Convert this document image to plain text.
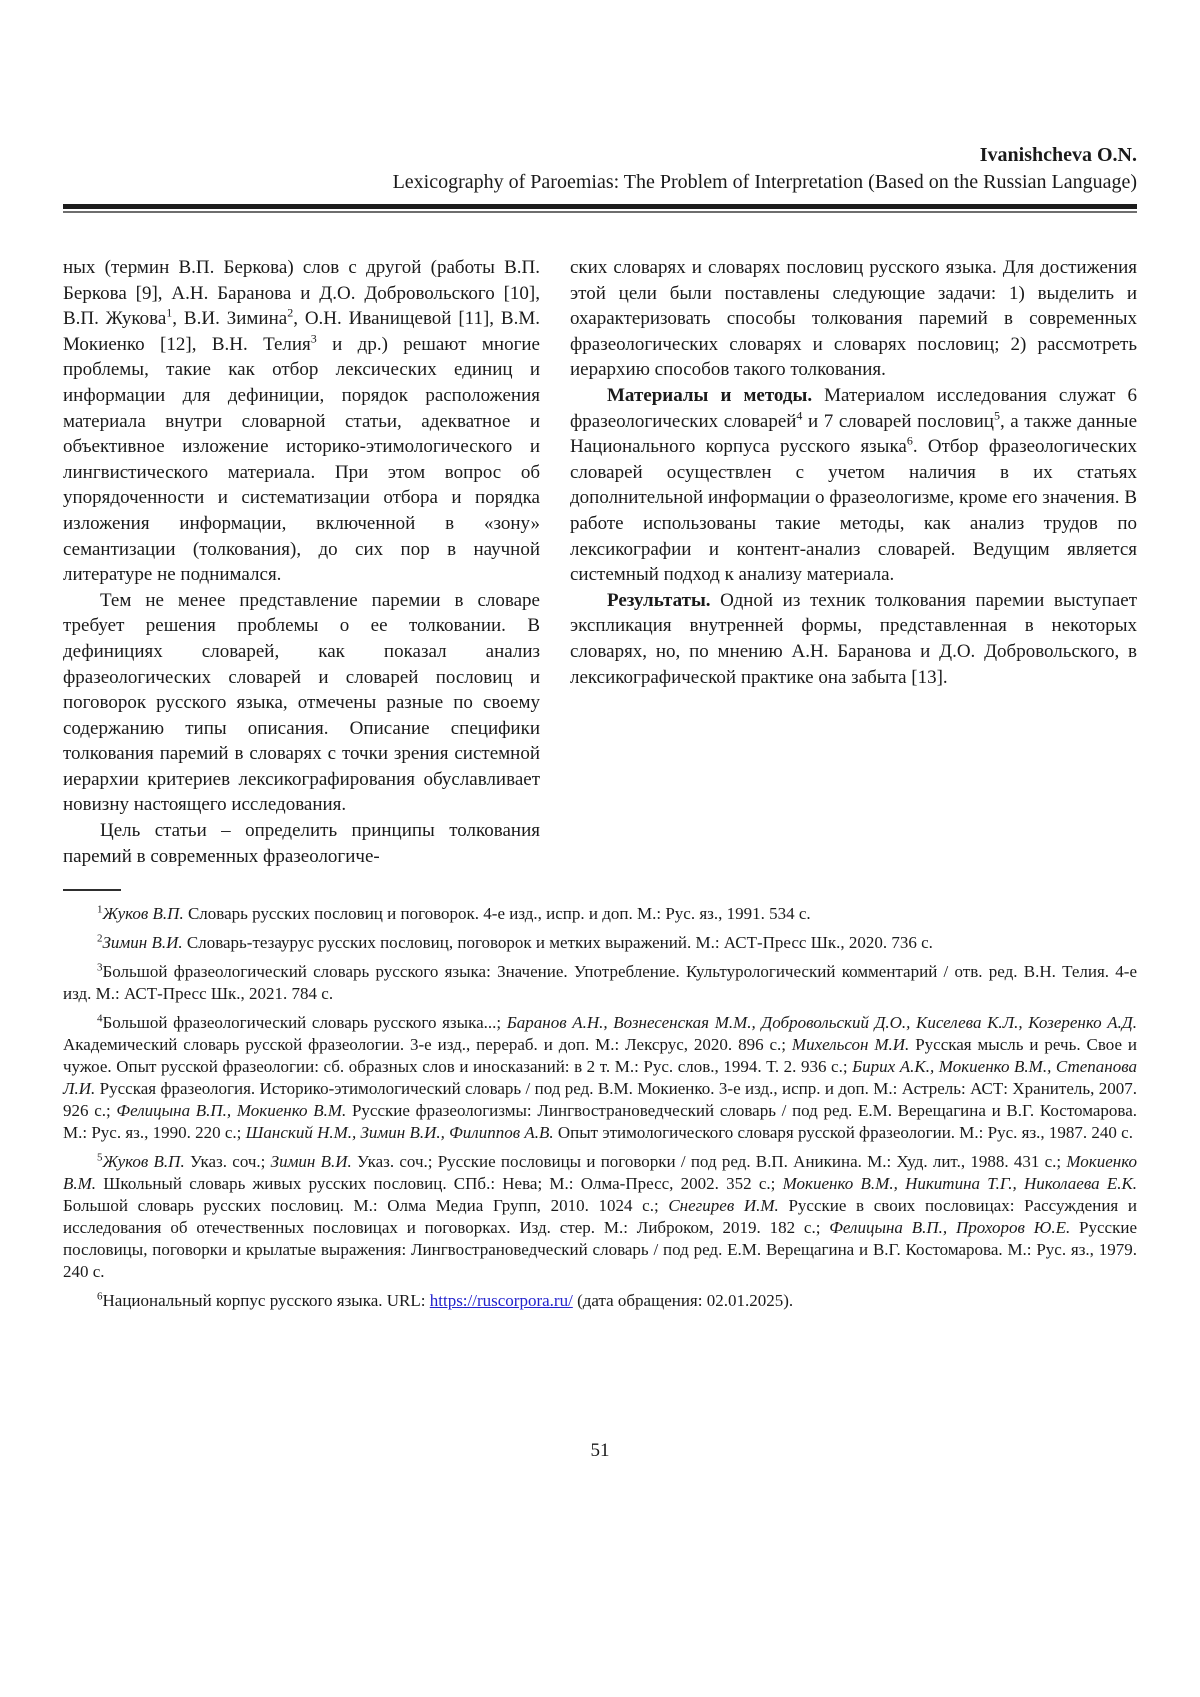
Ivanishcheva O.N.
Lexicography of Paroemias: The Problem of Interpretation (Based on the Russian Language)

ных (термин В.П. Беркова) слов с другой (работы В.П. Беркова [9], А.Н. Баранова и Д.О. Добровольского [10], В.П. Жукова$^1$, В.И. Зимина$^2$, О.Н. Иванищевой [11], В.М. Мокиенко [12], В.Н. Телия$^3$ и др.) решают многие проблемы, такие как отбор лексических единиц и информации для дефиниции, порядок расположения материала внутри словарной статьи, адекватное и объективное изложение историко-этимологического и лингвистического материала. При этом вопрос об упорядоченности и систематизации отбора и порядка изложения информации, включенной в «зону» семантизации (толкования), до сих пор в научной литературе не поднимался.

Тем не менее представление паремии в словаре требует решения проблемы о ее толковании. В дефинициях словарей, как показал анализ фразеологических словарей и словарей пословиц и поговорок русского языка, отмечены разные по своему содержанию типы описания. Описание специфики толкования паремий в словарях с точки зрения системной иерархии критериев лексикографирования обуславливает новизну настоящего исследования.

Цель статьи – определить принципы толкования паремий в современных фразеологиче-

ских словарях и словарях пословиц русского языка. Для достижения этой цели были поставлены следующие задачи: 1) выделить и охарактеризовать способы толкования паремий в современных фразеологических словарях и словарях пословиц; 2) рассмотреть иерархию способов такого толкования.

Материалы и методы. Материалом исследования служат 6 фразеологических словарей$^4$ и 7 словарей пословиц$^5$, а также данные Национального корпуса русского языка$^6$. Отбор фразеологических словарей осуществлен с учетом наличия в их статьях дополнительной информации о фразеологизме, кроме его значения. В работе использованы такие методы, как анализ трудов по лексикографии и контент-анализ словарей. Ведущим является системный подход к анализу материала.

Результаты. Одной из техник толкования паремии выступает экспликация внутренней формы, представленная в некоторых словарях, но, по мнению А.Н. Баранова и Д.О. Добровольского, в лексикографической практике она забыта [13].

$^1$Жуков В.П. Словарь русских пословиц и поговорок. 4-е изд., испр. и доп. М.: Рус. яз., 1991. 534 с.

$^2$Зимин В.И. Словарь-тезаурус русских пословиц, поговорок и метких выражений. М.: АСТ-Пресс Шк., 2020. 736 с.

$^3$Большой фразеологический словарь русского языка: Значение. Употребление. Культурологический комментарий / отв. ред. В.Н. Телия. 4-е изд. М.: АСТ-Пресс Шк., 2021. 784 с.

$^4$Большой фразеологический словарь русского языка...; Баранов А.Н., Вознесенская М.М., Добровольский Д.О., Киселева К.Л., Козеренко А.Д. Академический словарь русской фразеологии. 3-е изд., перераб. и доп. М.: Лексрус, 2020. 896 с.; Михельсон М.И. Русская мысль и речь. Свое и чужое. Опыт русской фразеологии: сб. образных слов и иносказаний: в 2 т. М.: Рус. слов., 1994. Т. 2. 936 с.; Бирих А.К., Мокиенко В.М., Степанова Л.И. Русская фразеология. Историко-этимологический словарь / под ред. В.М. Мокиенко. 3-е изд., испр. и доп. М.: Астрель: АСТ: Хранитель, 2007. 926 с.; Фелицына В.П., Мокиенко В.М. Русские фразеологизмы: Лингвострановедческий словарь / под ред. Е.М. Верещагина и В.Г. Костомарова. М.: Рус. яз., 1990. 220 с.; Шанский Н.М., Зимин В.И., Филиппов А.В. Опыт этимологического словаря русской фразеологии. М.: Рус. яз., 1987. 240 с.

$^5$Жуков В.П. Указ. соч.; Зимин В.И. Указ. соч.; Русские пословицы и поговорки / под ред. В.П. Аникина. М.: Худ. лит., 1988. 431 с.; Мокиенко В.М. Школьный словарь живых русских пословиц. СПб.: Нева; М.: Олма-Пресс, 2002. 352 с.; Мокиенко В.М., Никитина Т.Г., Николаева Е.К. Большой словарь русских пословиц. М.: Олма Медиа Групп, 2010. 1024 с.; Снегирев И.М. Русские в своих пословицах: Рассуждения и исследования об отечественных пословицах и поговорках. Изд. стер. М.: Либроком, 2019. 182 с.; Фелицына В.П., Прохоров Ю.Е. Русские пословицы, поговорки и крылатые выражения: Лингвострановедческий словарь / под ред. Е.М. Верещагина и В.Г. Костомарова. М.: Рус. яз., 1979. 240 с.

$^6$Национальный корпус русского языка. URL: https://ruscorpora.ru/ (дата обращения: 02.01.2025).

51
